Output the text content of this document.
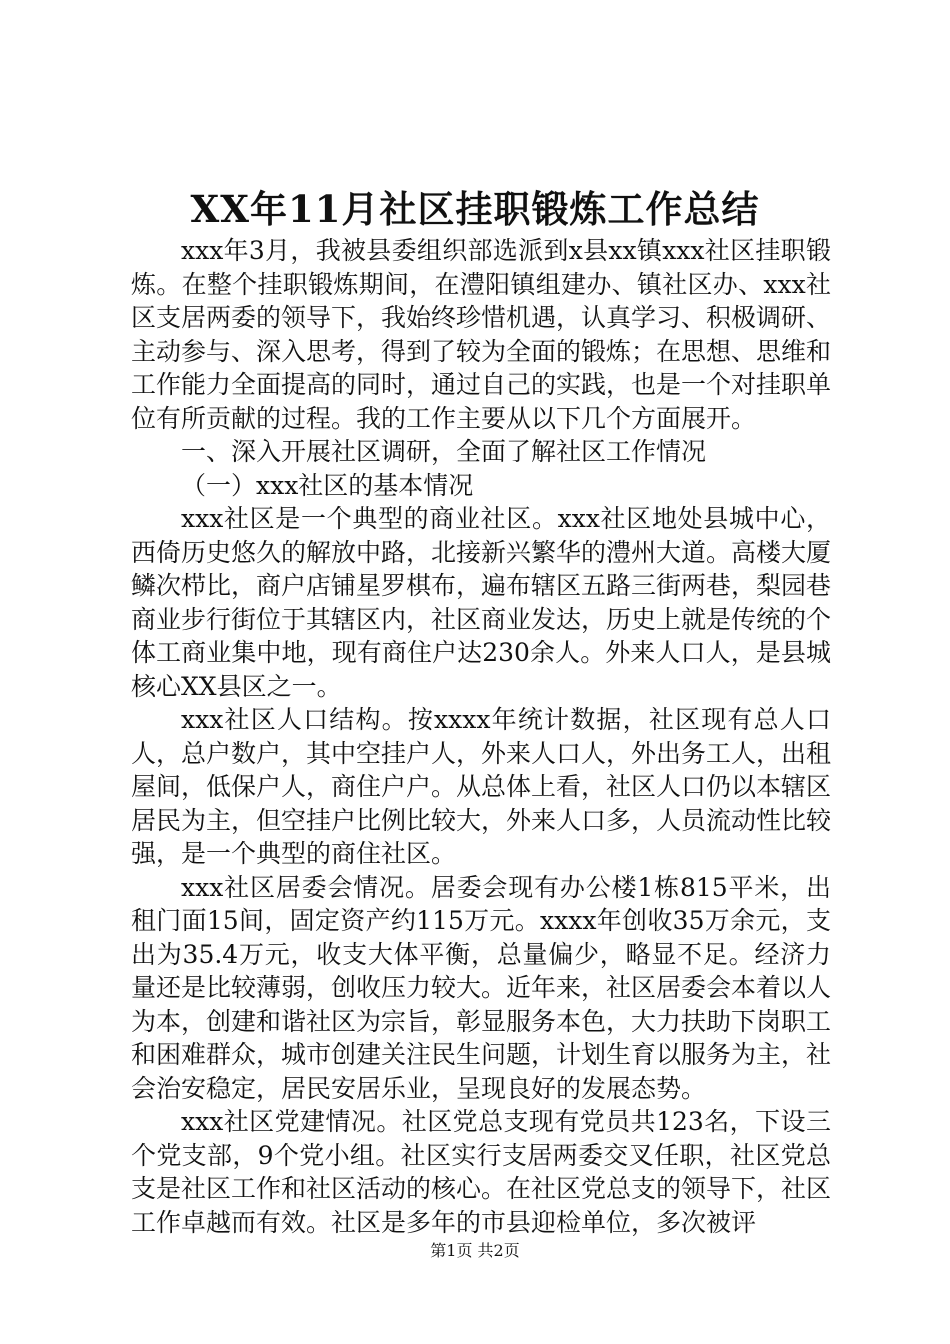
XX年11月社区挂职锻炼工作总结

xxx年3月，我被县委组织部选派到x县xx镇xxx社区挂职锻炼。在整个挂职锻炼期间，在澧阳镇组建办、镇社区办、xxx社区支居两委的领导下，我始终珍惜机遇，认真学习、积极调研、主动参与、深入思考，得到了较为全面的锻炼；在思想、思维和工作能力全面提高的同时，通过自己的实践，也是一个对挂职单位有所贡献的过程。我的工作主要从以下几个方面展开。

一、深入开展社区调研，全面了解社区工作情况

（一）xxx社区的基本情况

xxx社区是一个典型的商业社区。xxx社区地处县城中心，西倚历史悠久的解放中路，北接新兴繁华的澧州大道。高楼大厦鳞次栉比，商户店铺星罗棋布，遍布辖区五路三街两巷，梨园巷商业步行街位于其辖区内，社区商业发达，历史上就是传统的个体工商业集中地，现有商住户达230余人。外来人口人，是县城核心XX县区之一。

xxx社区人口结构。按xxxx年统计数据，社区现有总人口人，总户数户，其中空挂户人，外来人口人，外出务工人，出租屋间，低保户人，商住户户。从总体上看，社区人口仍以本辖区居民为主，但空挂户比例比较大，外来人口多，人员流动性比较强，是一个典型的商住社区。

xxx社区居委会情况。居委会现有办公楼1栋815平米，出租门面15间，固定资产约115万元。xxxx年创收35万余元，支出为35.4万元，收支大体平衡，总量偏少，略显不足。经济力量还是比较薄弱，创收压力较大。近年来，社区居委会本着以人为本，创建和谐社区为宗旨，彰显服务本色，大力扶助下岗职工和困难群众，城市创建关注民生问题，计划生育以服务为主，社会治安稳定，居民安居乐业，呈现良好的发展态势。

xxx社区党建情况。社区党总支现有党员共123名，下设三个党支部，9个党小组。社区实行支居两委交叉任职，社区党总支是社区工作和社区活动的核心。在社区党总支的领导下，社区工作卓越而有效。社区是多年的市县迎检单位，多次被评

第1页 共2页
